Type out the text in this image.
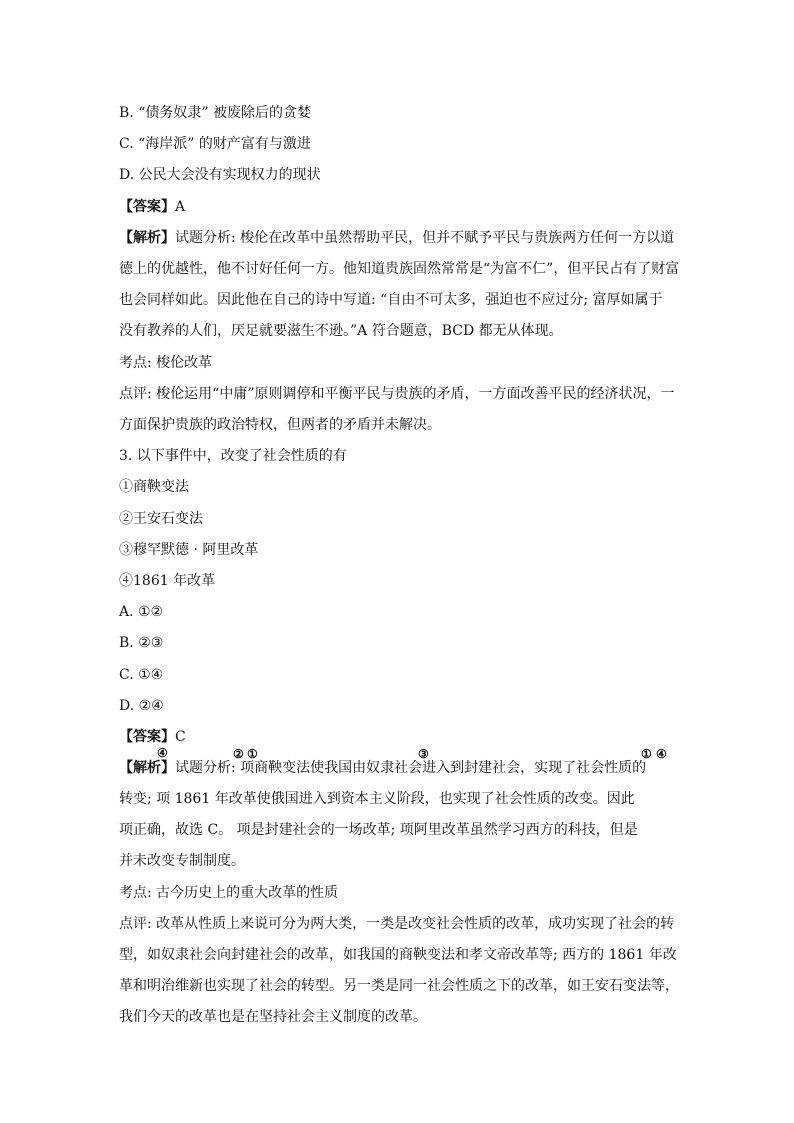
B. “债务奴隶” 被废除后的贪婪
C. “海岸派” 的财产富有与激进
D. 公民大会没有实现权力的现状
【答案】A
【解析】试题分析: 梭伦在改革中虽然帮助平民，但并不赋予平民与贵族两方任何一方以道
德上的优越性，他不讨好任何一方。他知道贵族固然常常是“为富不仁”，但平民占有了财富
也会同样如此。因此他在自己的诗中写道: “自由不可太多，强迫也不应过分; 富厚如属于
没有教养的人们，厌足就要滋生不逊。”A 符合题意，BCD 都无从体现。
考点: 梭伦改革
点评: 梭伦运用“中庸”原则调停和平衡平民与贵族的矛盾，一方面改善平民的经济状况，一
方面保护贵族的政治特权，但两者的矛盾并未解决。
3. 以下事件中，改变了社会性质的有
①商鞅变法
②王安石变法
③穆罕默德 · 阿里改革
④1861 年改革
A. ①②
B. ②③
C. ①④
D. ②④
【答案】C
④	② ①	③	① ④
【解析】试题分析: 项商鞅变法使我国由奴隶社会进入到封建社会，实现了社会性质的
转变; 项 1861 年改革使俄国进入到资本主义阶段，也实现了社会性质的改变。因此
项正确，故选 C。 项是封建社会的一场改革; 项阿里改革虽然学习西方的科技，但是
并未改变专制制度。
考点: 古今历史上的重大改革的性质
点评: 改革从性质上来说可分为两大类，一类是改变社会性质的改革，成功实现了社会的转
型，如奴隶社会向封建社会的改革，如我国的商鞅变法和孝文帝改革等; 西方的 1861 年改
革和明治维新也实现了社会的转型。另一类是同一社会性质之下的改革，如王安石变法等，
我们今天的改革也是在坚持社会主义制度的改革。
